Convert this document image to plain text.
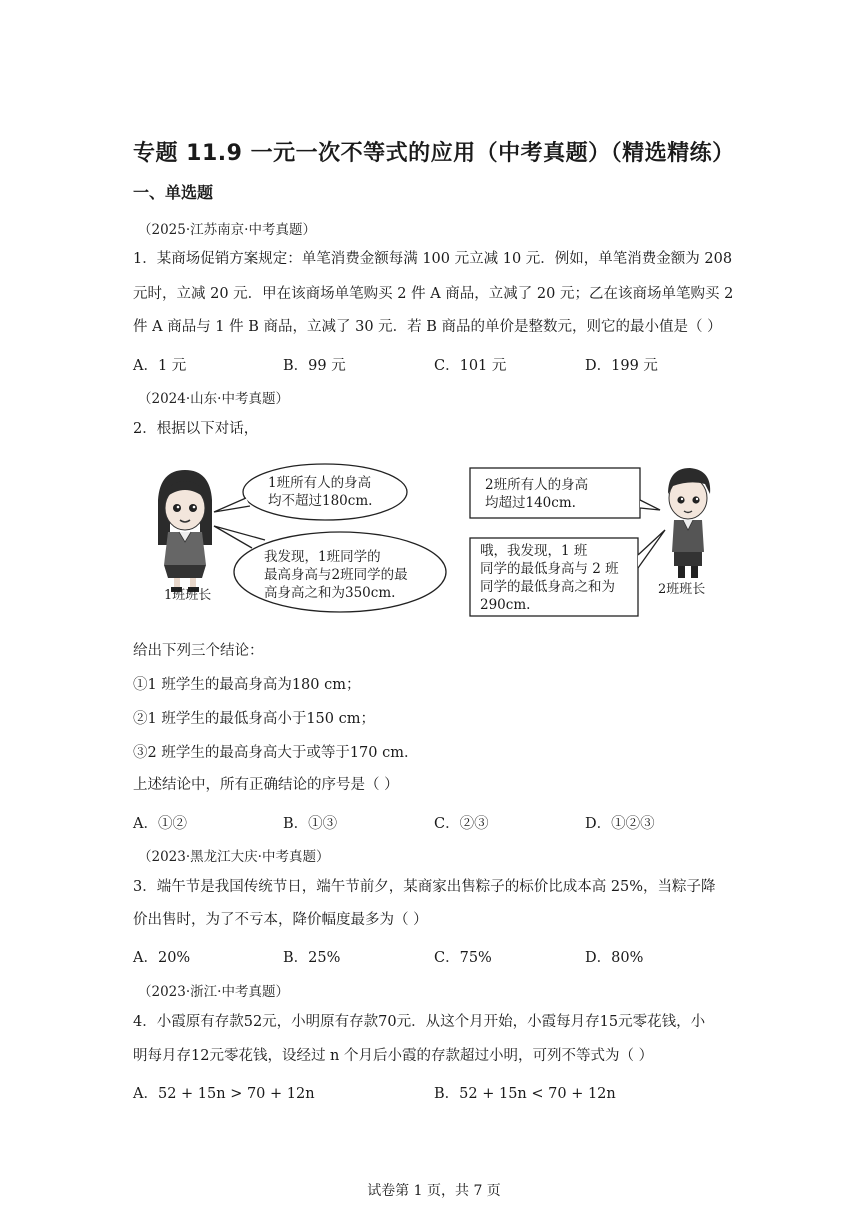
专题 11.9 一元一次不等式的应用（中考真题）（精选精练）
一、单选题
（2025·江苏南京·中考真题）
1．某商场促销方案规定：单笔消费金额每满 100 元立减 10 元．例如，单笔消费金额为 208
元时，立减 20 元．甲在该商场单笔购买 2 件 A 商品，立减了 20 元；乙在该商场单笔购买 2
件 A 商品与 1 件 B 商品，立减了 30 元．若 B 商品的单价是整数元，则它的最小值是（ ）
A．1 元	B．99 元	C．101 元	D．199 元
（2024·山东·中考真题）
2．根据以下对话，
1班所有人的身高
均不超过180cm.
我发现，1班同学的
最高身高与2班同学的最
高身高之和为350cm.
2班所有人的身高
均超过140cm.
哦，我发现，1 班
同学的最低身高与 2 班
同学的最低身高之和为
290cm.
1班班长	2班班长
给出下列三个结论：
①1 班学生的最高身高为180 cm；
②1 班学生的最低身高小于150 cm；
③2 班学生的最高身高大于或等于170 cm．
上述结论中，所有正确结论的序号是（ ）
A．①②	B．①③	C．②③	D．①②③
（2023·黑龙江大庆·中考真题）
3．端午节是我国传统节日，端午节前夕，某商家出售粽子的标价比成本高 25%，当粽子降
价出售时，为了不亏本，降价幅度最多为（ ）
A．20%	B．25%	C．75%	D．80%
（2023·浙江·中考真题）
4．小霞原有存款52元，小明原有存款70元．从这个月开始，小霞每月存15元零花钱，小
明每月存12元零花钱，设经过 n 个月后小霞的存款超过小明，可列不等式为（ ）
A．52 + 15n > 70 + 12n	B．52 + 15n < 70 + 12n
试卷第 1 页，共 7 页
